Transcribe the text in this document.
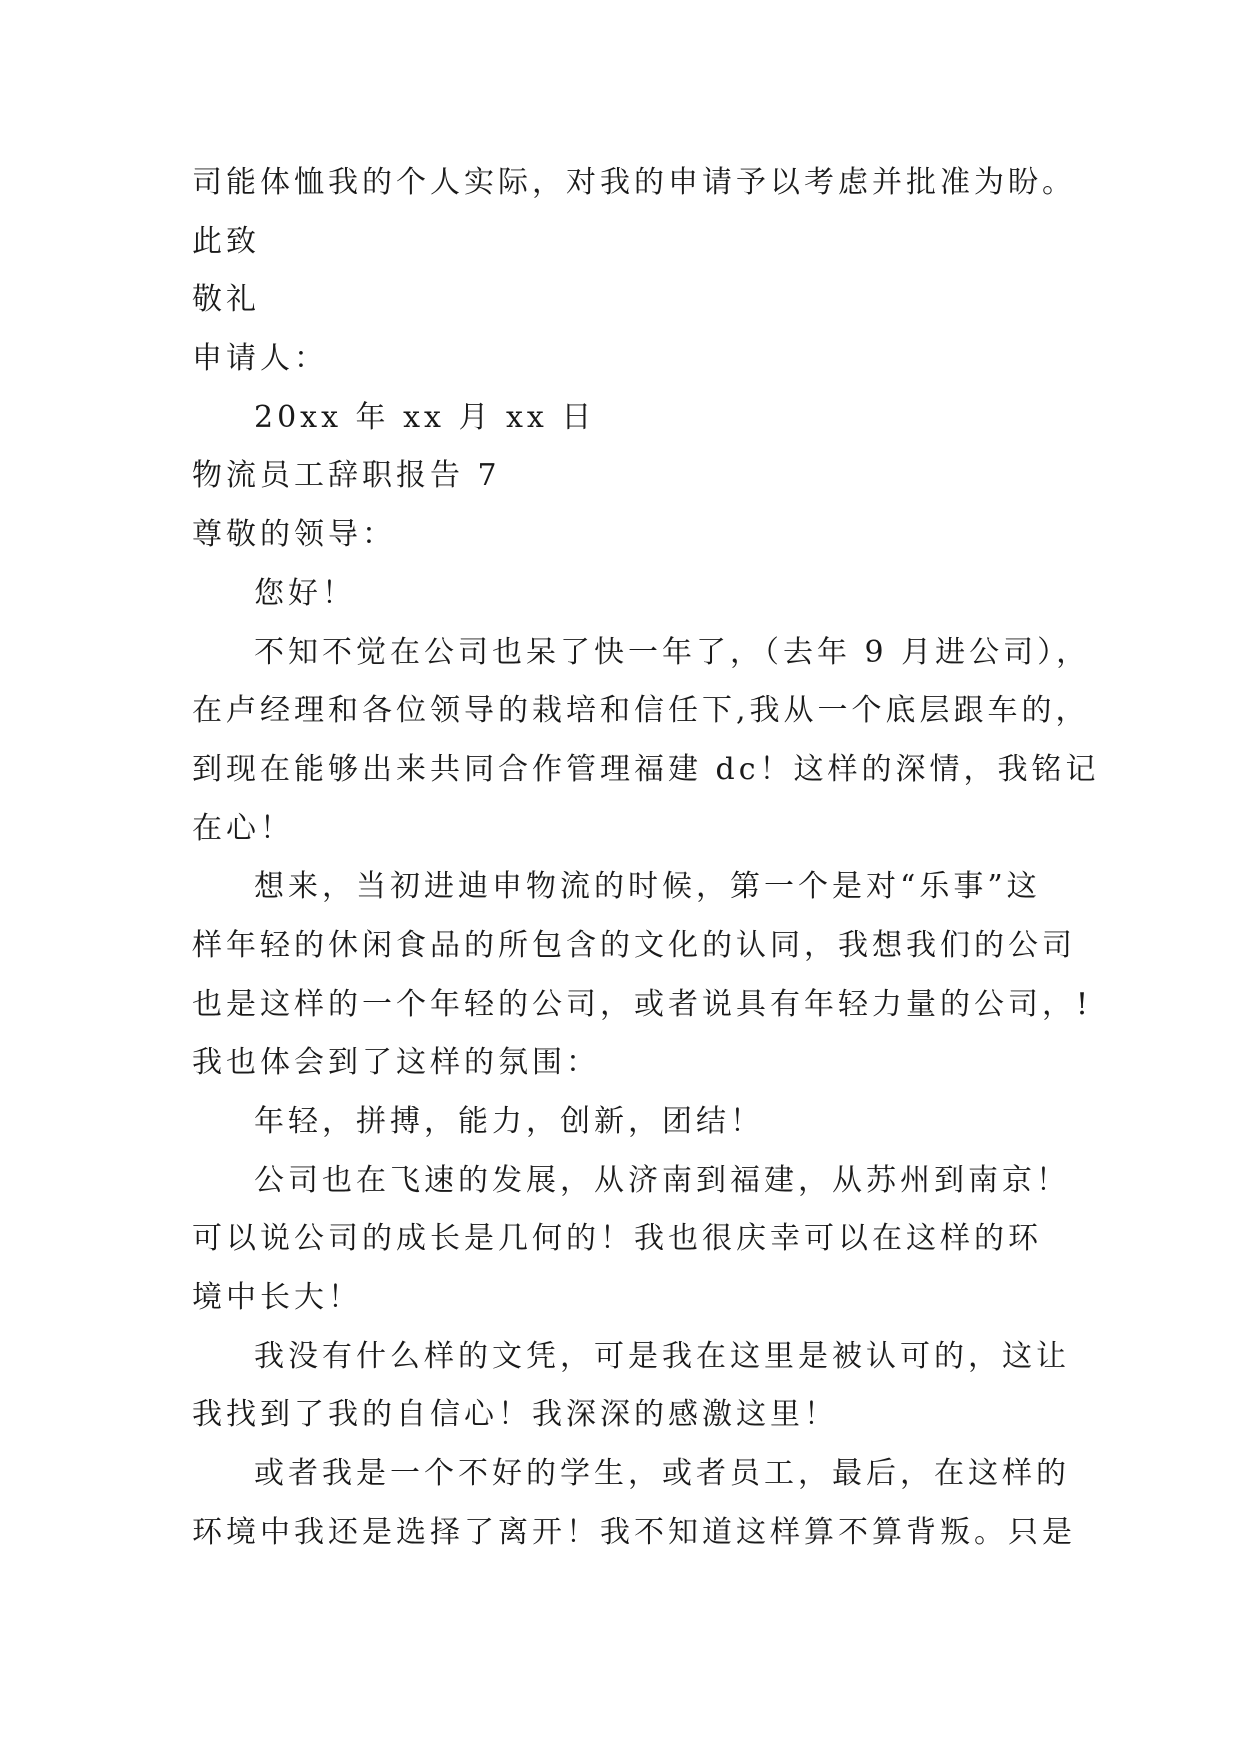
司能体恤我的个人实际，对我的申请予以考虑并批准为盼。
此致
敬礼
申请人：
20xx 年 xx 月 xx 日
物流员工辞职报告 7
尊敬的领导：
您好！
不知不觉在公司也呆了快一年了，（去年 9 月进公司），
在卢经理和各位领导的栽培和信任下,我从一个底层跟车的，
到现在能够出来共同合作管理福建 dc！这样的深情，我铭记
在心！
想来，当初进迪申物流的时候，第一个是对“乐事”这
样年轻的休闲食品的所包含的文化的认同，我想我们的公司
也是这样的一个年轻的公司，或者说具有年轻力量的公司，!
我也体会到了这样的氛围：
年轻，拼搏，能力，创新，团结！
公司也在飞速的发展，从济南到福建，从苏州到南京！
可以说公司的成长是几何的！我也很庆幸可以在这样的环
境中长大！
我没有什么样的文凭，可是我在这里是被认可的，这让
我找到了我的自信心！我深深的感激这里！
或者我是一个不好的学生，或者员工，最后，在这样的
环境中我还是选择了离开！我不知道这样算不算背叛。只是
